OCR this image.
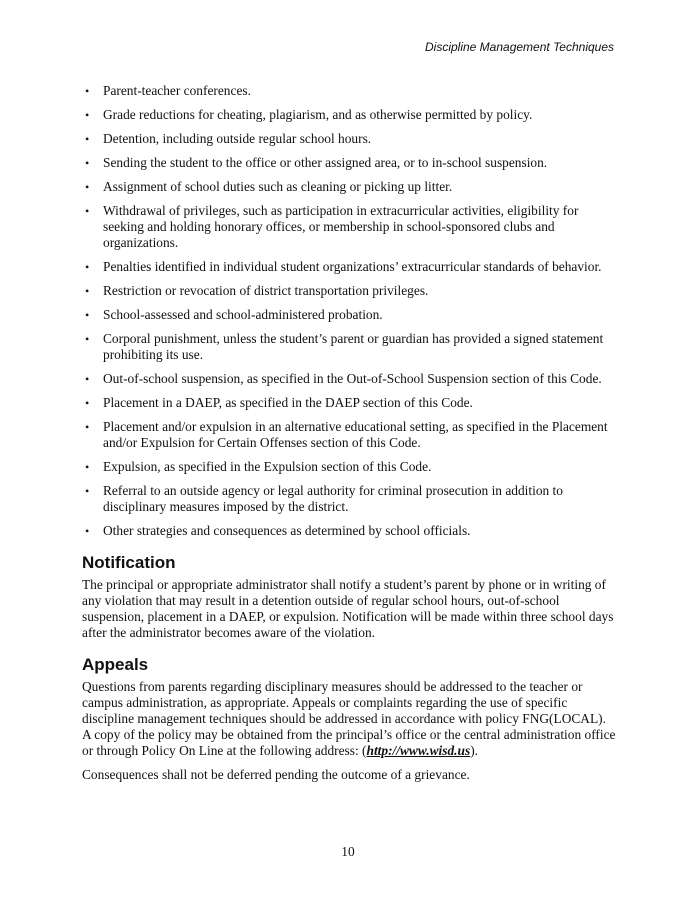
Discipline Management Techniques
• Parent-teacher conferences.
• Grade reductions for cheating, plagiarism, and as otherwise permitted by policy.
• Detention, including outside regular school hours.
• Sending the student to the office or other assigned area, or to in-school suspension.
• Assignment of school duties such as cleaning or picking up litter.
• Withdrawal of privileges, such as participation in extracurricular activities, eligibility for seeking and holding honorary offices, or membership in school-sponsored clubs and organizations.
• Penalties identified in individual student organizations’ extracurricular standards of behavior.
• Restriction or revocation of district transportation privileges.
• School-assessed and school-administered probation.
• Corporal punishment, unless the student’s parent or guardian has provided a signed statement prohibiting its use.
• Out-of-school suspension, as specified in the Out-of-School Suspension section of this Code.
• Placement in a DAEP, as specified in the DAEP section of this Code.
• Placement and/or expulsion in an alternative educational setting, as specified in the Placement and/or Expulsion for Certain Offenses section of this Code.
• Expulsion, as specified in the Expulsion section of this Code.
• Referral to an outside agency or legal authority for criminal prosecution in addition to disciplinary measures imposed by the district.
• Other strategies and consequences as determined by school officials.
Notification

The principal or appropriate administrator shall notify a student’s parent by phone or in writing of any violation that may result in a detention outside of regular school hours, out-of-school suspension, placement in a DAEP, or expulsion. Notification will be made within three school days after the administrator becomes aware of the violation.

Appeals

Questions from parents regarding disciplinary measures should be addressed to the teacher or campus administration, as appropriate. Appeals or complaints regarding the use of specific discipline management techniques should be addressed in accordance with policy FNG(LOCAL). A copy of the policy may be obtained from the principal’s office or the central administration office or through Policy On Line at the following address: (http://www.wisd.us).

Consequences shall not be deferred pending the outcome of a grievance.

10
